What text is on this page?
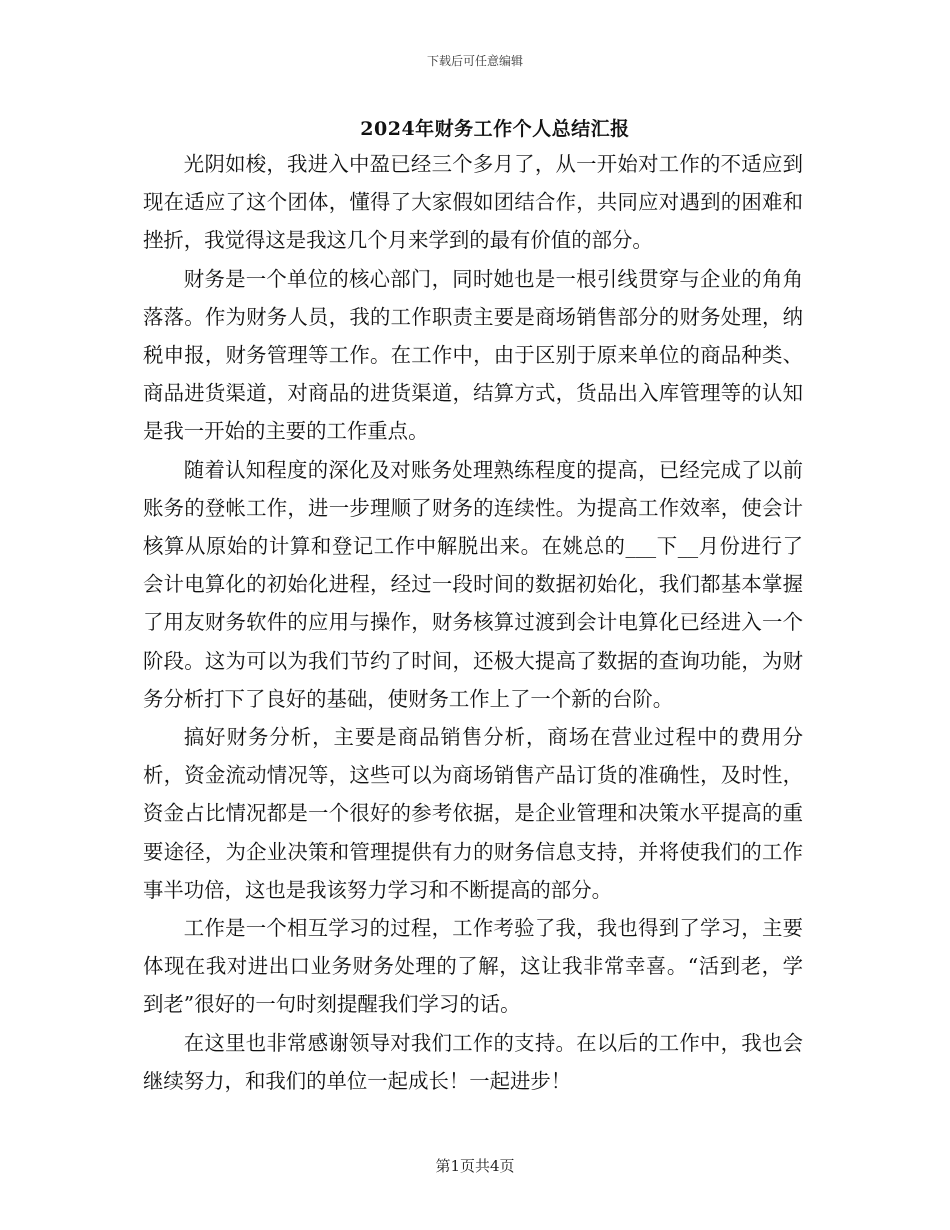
下载后可任意编辑
2024年财务工作个人总结汇报

光阴如梭，我进入中盈已经三个多月了，从一开始对工作的不适应到现在适应了这个团体，懂得了大家假如团结合作，共同应对遇到的困难和挫折，我觉得这是我这几个月来学到的最有价值的部分。

财务是一个单位的核心部门，同时她也是一根引线贯穿与企业的角角落落。作为财务人员，我的工作职责主要是商场销售部分的财务处理，纳税申报，财务管理等工作。在工作中，由于区别于原来单位的商品种类、商品进货渠道，对商品的进货渠道，结算方式，货品出入库管理等的认知是我一开始的主要的工作重点。

随着认知程度的深化及对账务处理熟练程度的提高，已经完成了以前账务的登帐工作，进一步理顺了财务的连续性。为提高工作效率，使会计核算从原始的计算和登记工作中解脱出来。在姚总的___下__月份进行了会计电算化的初始化进程，经过一段时间的数据初始化，我们都基本掌握了用友财务软件的应用与操作，财务核算过渡到会计电算化已经进入一个阶段。这为可以为我们节约了时间，还极大提高了数据的查询功能，为财务分析打下了良好的基础，使财务工作上了一个新的台阶。

搞好财务分析，主要是商品销售分析，商场在营业过程中的费用分析，资金流动情况等，这些可以为商场销售产品订货的准确性，及时性，资金占比情况都是一个很好的参考依据，是企业管理和决策水平提高的重要途径，为企业决策和管理提供有力的财务信息支持，并将使我们的工作事半功倍，这也是我该努力学习和不断提高的部分。

工作是一个相互学习的过程，工作考验了我，我也得到了学习，主要体现在我对进出口业务财务处理的了解，这让我非常幸喜。“活到老，学到老”很好的一句时刻提醒我们学习的话。

在这里也非常感谢领导对我们工作的支持。在以后的工作中，我也会继续努力，和我们的单位一起成长！一起进步！

第1页共4页
